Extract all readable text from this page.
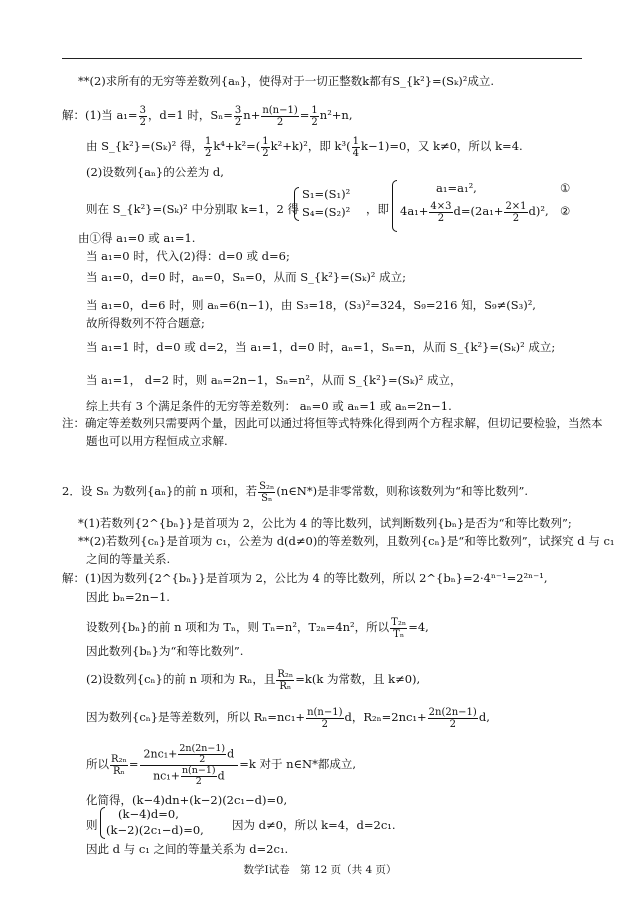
**(2)求所有的无穷等差数列{aₙ}，使得对于一切正整数k都有S_{k²}=(Sₖ)²成立.
解：(1)当 $a_1= \frac{3}{2}$ ，d=1 时，$S_n= \frac{3}{2} n+ \frac{n(n-1)}{2} = \frac{1}{2} n^2+n$,
由 S_{k²}=(Sₖ)² 得， $\frac{1}{2} k^4+k^2=( \frac{1}{2} k^2+k)^2$，即 $k^3( \frac{1}{4} k-1)=0$，又 k≠0，所以 k=4.
(2)设数列{aₙ}的公差为 d,
则在 S_{k²}=(Sₖ)² 中分别取 k=1，2 得
S₁=(S₁)²
S₄=(S₂)² ，即
a₁=a₁²,
$4a_1+ \frac{4\times 3}{2} d=(2a_1+ \frac{2\times 1}{2} d)^2$,
①
②
由①得 a₁=0 或 a₁=1.
当 a₁=0 时，代入(2)得：d=0 或 d=6;
当 a₁=0，d=0 时，aₙ=0，Sₙ=0，从而 S_{k²}=(Sₖ)² 成立;
当 a₁=0，d=6 时，则 aₙ=6(n−1)，由 S₃=18，(S₃)²=324，S₉=216 知，S₉≠(S₃)²,
故所得数列不符合题意;
当 a₁=1 时，d=0 或 d=2，当 a₁=1，d=0 时，aₙ=1，Sₙ=n，从而 S_{k²}=(Sₖ)² 成立;
当 a₁=1， d=2 时，则 aₙ=2n−1，Sₙ=n²，从而 S_{k²}=(Sₖ)² 成立，
综上共有 3 个满足条件的无穷等差数列： aₙ=0 或 aₙ=1 或 aₙ=2n−1.
注：确定等差数列只需要两个量，因此可以通过将恒等式特殊化得到两个方程求解，但切记要检验，当然本
题也可以用方程恒成立求解.
2．设 Sₙ 为数列{aₙ}的前 n 项和，若 $\frac{\text{S₂ₙ}}{\text{Sₙ}}$ (n∈N*)是非零常数，则称该数列为“和等比数列”.
*(1)若数列{2^{bₙ}}是首项为 2，公比为 4 的等比数列，试判断数列{bₙ}是否为“和等比数列”;
**(2)若数列{cₙ}是首项为 c₁，公差为 d(d≠0)的等差数列，且数列{cₙ}是“和等比数列”，试探究 d 与 c₁
之间的等量关系.
解：(1)因为数列{2^{bₙ}}是首项为 2，公比为 4 的等比数列，所以 2^{bₙ}=2·4ⁿ⁻¹=2²ⁿ⁻¹,
因此 bₙ=2n−1.
设数列{bₙ}的前 n 项和为 Tₙ，则 Tₙ=n²，T₂ₙ=4n²，所以 $\frac{\text{T₂ₙ}}{\text{Tₙ}} =4$,
因此数列{bₙ}为“和等比数列”.
(2)设数列{cₙ}的前 n 项和为 Rₙ，且 $\frac{\text{R₂ₙ}}{\text{Rₙ}} =k(k$ 为常数，且 k≠0),
因为数列{cₙ}是等差数列，所以 $R_n=nc_1+ \frac{n(n-1)}{2}$ d，$R_{2n}=2nc_1+ \frac{2n(2n-1)}{2} d$,
所以 $\frac{\text{R₂ₙ}}{\text{Rₙ}} = \frac{2nc_1+ \frac{2n(2n-1)}{2} d}{nc_1+ \frac{n(n-1)}{2} d} =k$ 对于 n∈N*都成立,
化简得，(k−4)dn+(k−2)(2c₁−d)=0,
则
(k−4)d=0,
(k−2)(2c₁−d)=0, 因为 d≠0，所以 k=4，d=2c₁.
因此 d 与 c₁ 之间的等量关系为 d=2c₁.
数学Ⅰ试卷　第 12 页（共 4 页）
